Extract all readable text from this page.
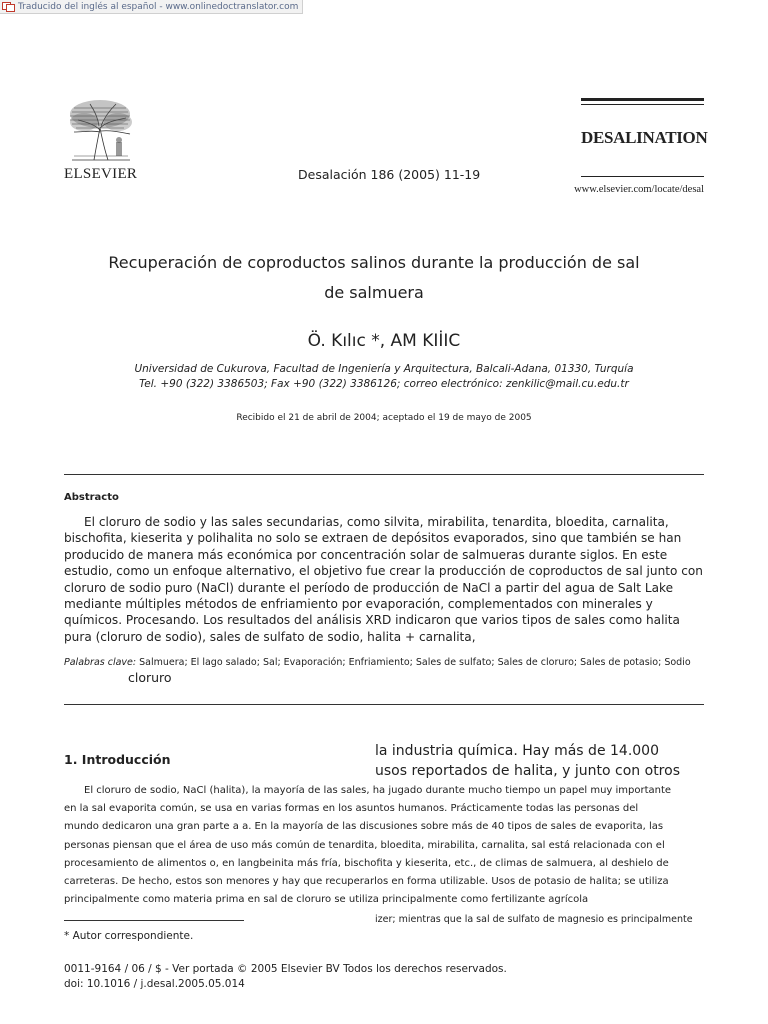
Traducido del inglés al español - www.onlinedoctranslator.com
ELSEVIER	Desalación 186 (2005) 11-19
DESALINATION
www.elsevier.com/locate/desal
Recuperación de coproductos salinos durante la producción de sal
de salmuera
Ö. Kılıc *, AM KIİIC
Universidad de Cukurova, Facultad de Ingeniería y Arquitectura, Balcali-Adana, 01330, Turquía
Tel. +90 (322) 3386503; Fax +90 (322) 3386126; correo electrónico: zenkilic@mail.cu.edu.tr
Recibido el 21 de abril de 2004; aceptado el 19 de mayo de 2005
Abstracto
El cloruro de sodio y las sales secundarias, como silvita, mirabilita, tenardita, bloedita, carnalita, bischofita, kieserita y polihalita no solo se extraen de depósitos evaporados, sino que también se han producido de manera más económica por concentración solar de salmueras durante siglos. En este estudio, como un enfoque alternativo, el objetivo fue crear la producción de coproductos de sal junto con cloruro de sodio puro (NaCl) durante el período de producción de NaCl a partir del agua de Salt Lake mediante múltiples métodos de enfriamiento por evaporación, complementados con minerales y químicos. Procesando. Los resultados del análisis XRD indicaron que varios tipos de sales como halita pura (cloruro de sodio), sales de sulfato de sodio, halita + carnalita,
Palabras clave: Salmuera; El lago salado; Sal; Evaporación; Enfriamiento; Sales de sulfato; Sales de cloruro; Sales de potasio; Sodio
cloruro
1. Introducción
la industria química. Hay más de 14.000 usos reportados de halita, y junto con otros
El cloruro de sodio, NaCl (halita), la mayoría de las sales, ha jugado durante mucho tiempo un papel muy importante en la sal evaporita común, se usa en varias formas en los asuntos humanos. Prácticamente todas las personas del mundo dedicaron una gran parte a a. En la mayoría de las discusiones sobre más de 40 tipos de sales de evaporita, las personas piensan que el área de uso más común de tenardita, bloedita, mirabilita, carnalita, sal está relacionada con el procesamiento de alimentos o, en langbeinita más fría, bischofita y kieserita, etc., de climas de salmuera, al deshielo de carreteras. De hecho, estos son menores y hay que recuperarlos en forma utilizable. Usos de potasio de halita; se utiliza principalmente como materia prima en sal de cloruro se utiliza principalmente como fertilizante agrícola
izer; mientras que la sal de sulfato de magnesio es principalmente
* Autor correspondiente.
0011-9164 / 06 / $ - Ver portada © 2005 Elsevier BV Todos los derechos reservados.
doi: 10.1016 / j.desal.2005.05.014
